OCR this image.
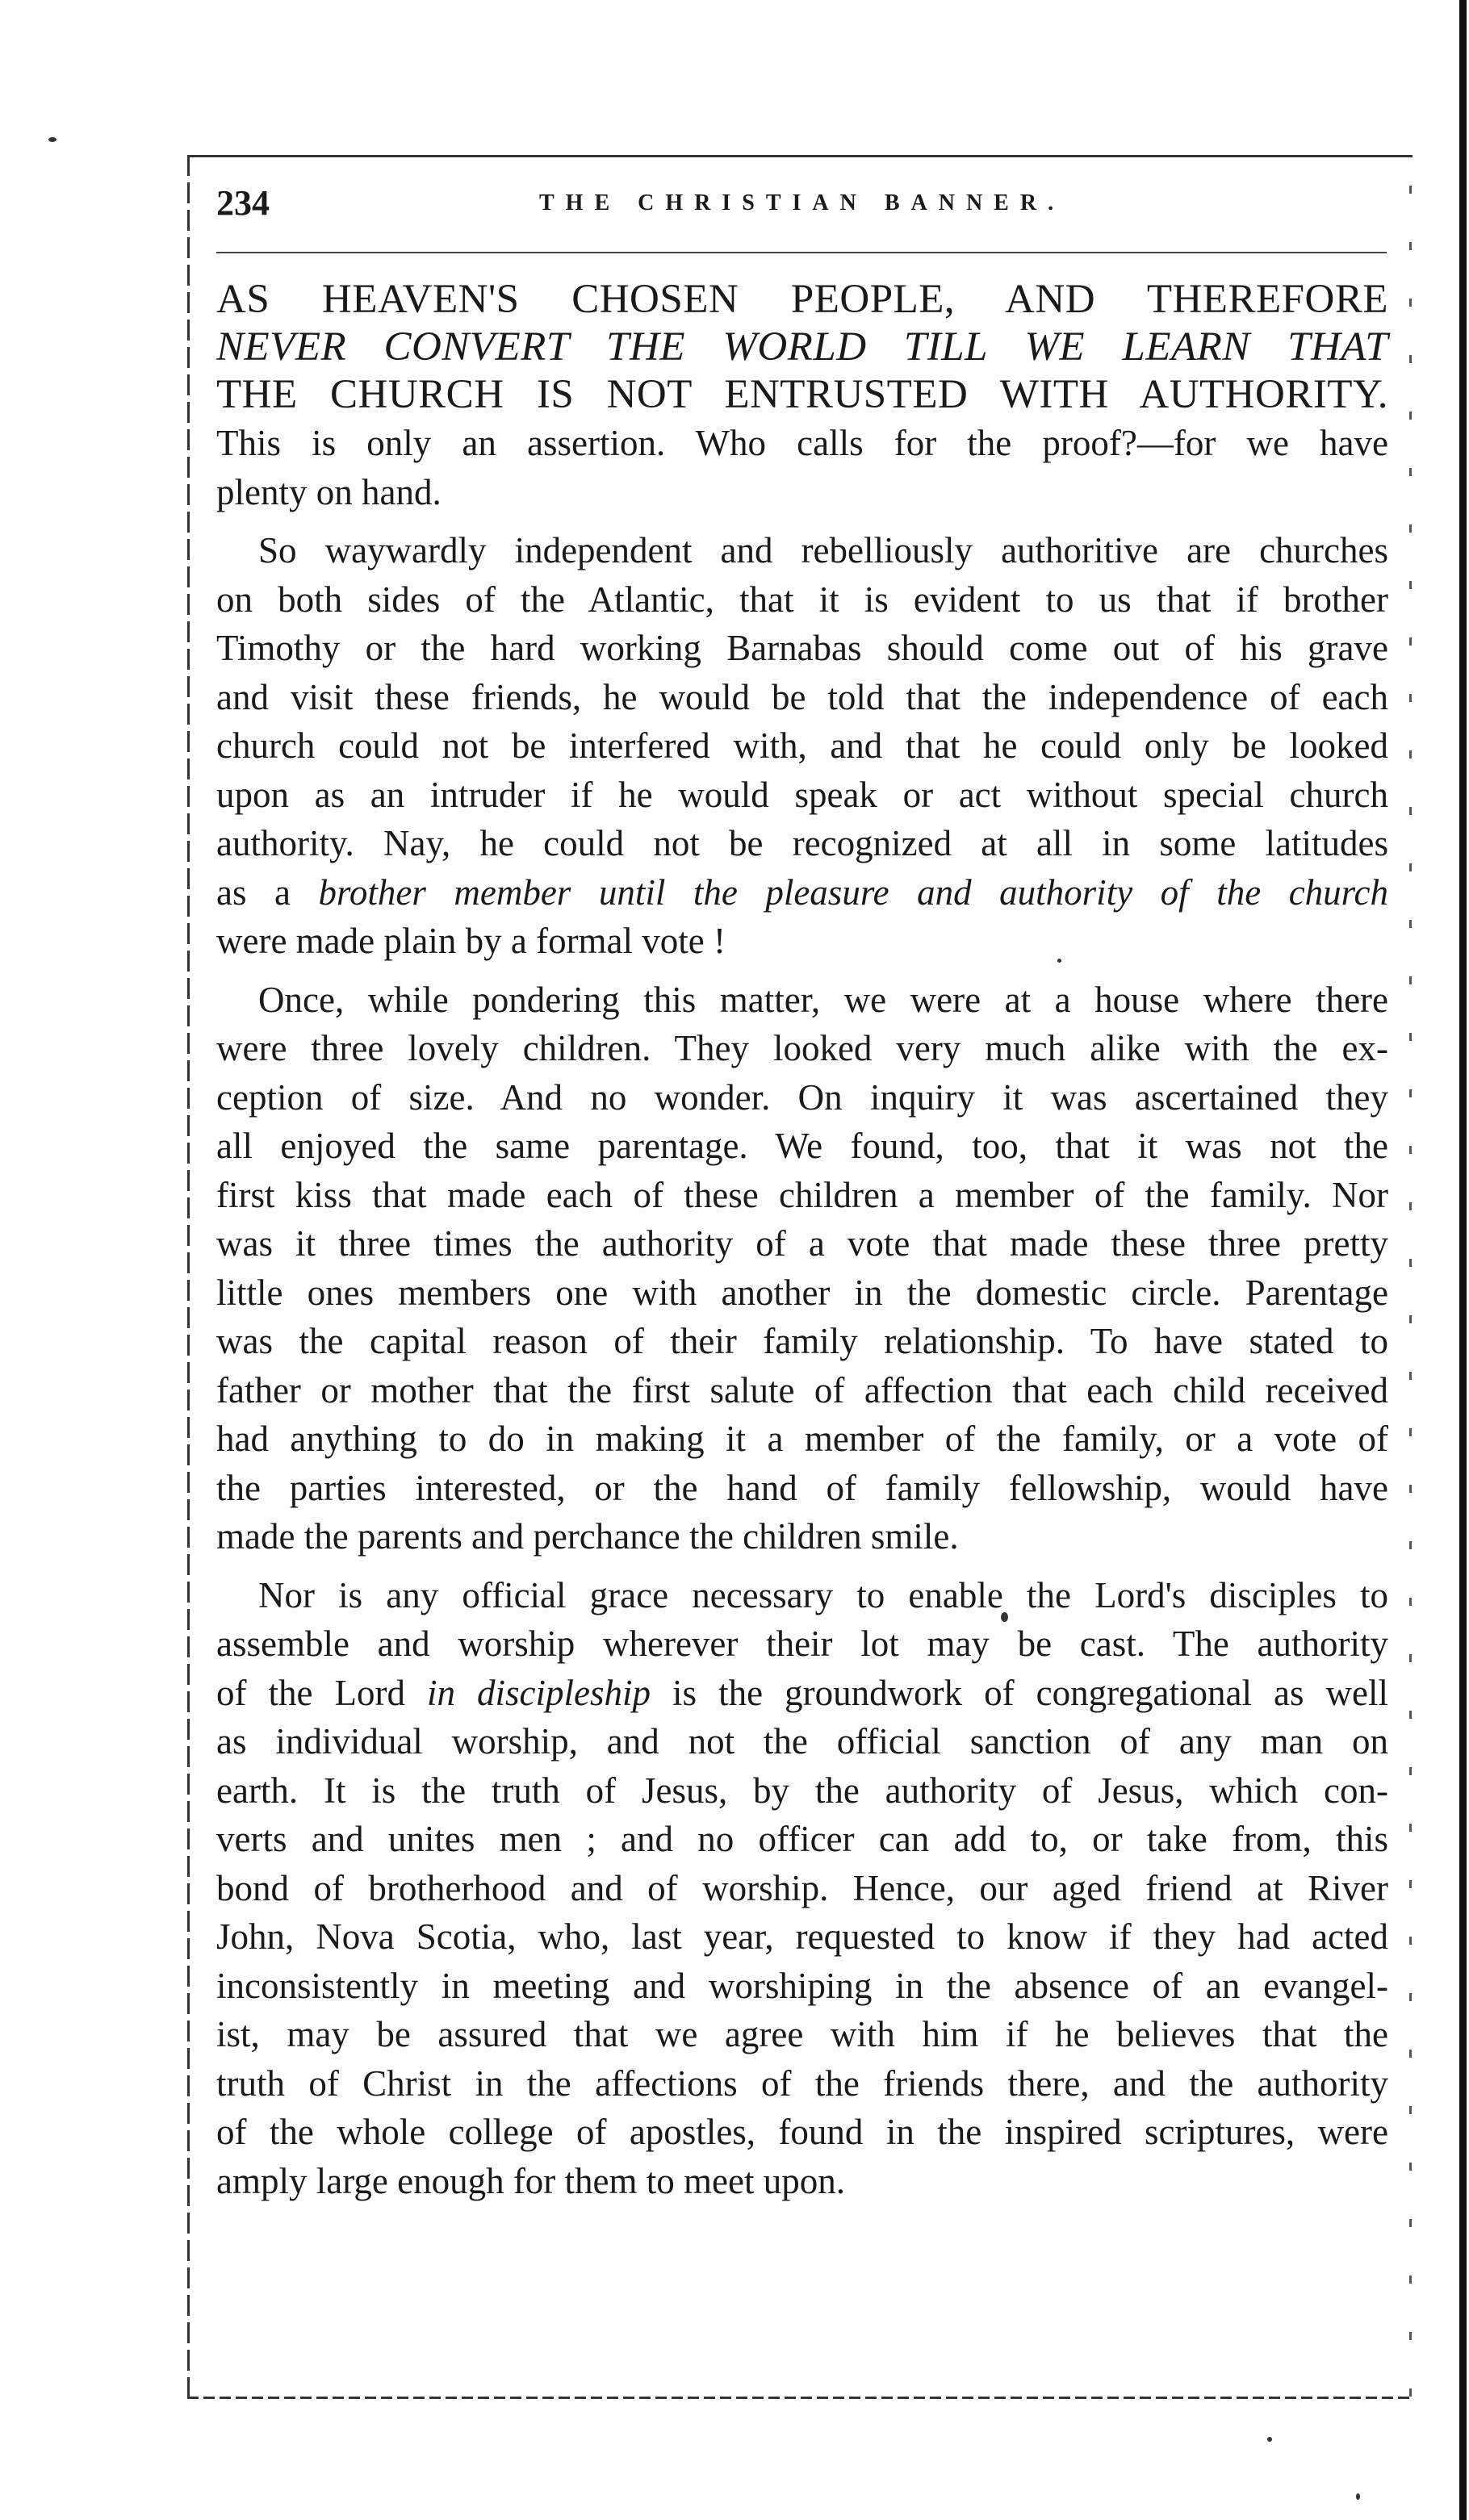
234	THE CHRISTIAN BANNER.

AS HEAVEN'S CHOSEN PEOPLE, AND THEREFORE

NEVER CONVERT THE WORLD TILL WE LEARN THAT

THE CHURCH IS NOT ENTRUSTED WITH AUTHORITY.

This is only an assertion. Who calls for the proof?—for we have
plenty on hand.

So waywardly independent and rebelliously authoritive are churches
on both sides of the Atlantic, that it is evident to us that if brother
Timothy or the hard working Barnabas should come out of his grave
and visit these friends, he would be told that the independence of each
church could not be interfered with, and that he could only be looked
upon as an intruder if he would speak or act without special church
authority. Nay, he could not be recognized at all in some latitudes
as a brother member until the pleasure and authority of the church
were made plain by a formal vote !

Once, while pondering this matter, we were at a house where there
were three lovely children. They looked very much alike with the ex-
ception of size. And no wonder. On inquiry it was ascertained they
all enjoyed the same parentage. We found, too, that it was not the
first kiss that made each of these children a member of the family. Nor
was it three times the authority of a vote that made these three pretty
little ones members one with another in the domestic circle. Parentage
was the capital reason of their family relationship. To have stated to
father or mother that the first salute of affection that each child received
had anything to do in making it a member of the family, or a vote of
the parties interested, or the hand of family fellowship, would have
made the parents and perchance the children smile.

Nor is any official grace necessary to enable the Lord's disciples to
assemble and worship wherever their lot may be cast. The authority
of the Lord in discipleship is the groundwork of congregational as well
as individual worship, and not the official sanction of any man on
earth. It is the truth of Jesus, by the authority of Jesus, which con-
verts and unites men ; and no officer can add to, or take from, this
bond of brotherhood and of worship. Hence, our aged friend at River
John, Nova Scotia, who, last year, requested to know if they had acted
inconsistently in meeting and worshiping in the absence of an evangel-
ist, may be assured that we agree with him if he believes that the
truth of Christ in the affections of the friends there, and the authority
of the whole college of apostles, found in the inspired scriptures, were
amply large enough for them to meet upon.
